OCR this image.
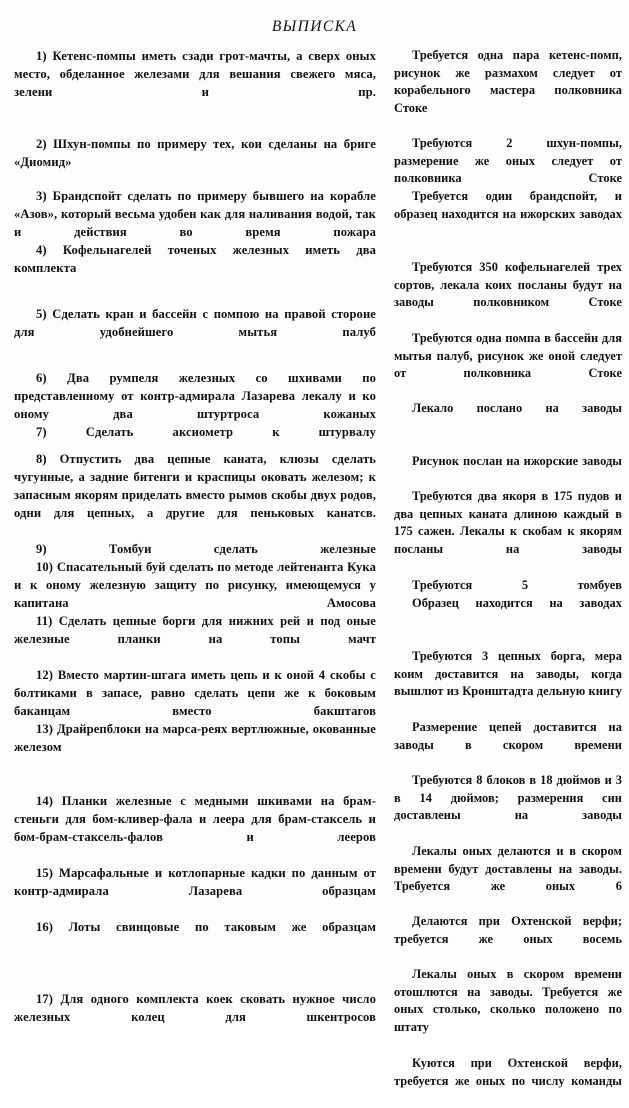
ВЫПИСКА

1) Кетенс-помпы иметь сзади грот-мачты, а сверх оных место, обделанное железами для вешания свежего мяса, зелени и пр.

2) Шхун-помпы по примеру тех, кои сделаны на бриге «Диомид»

3) Брандспойт сделать по примеру бывшего на корабле «Азов», который весьма удобен как для наливания водой, так и действия во время пожара

4) Кофельнагелей точеных железных иметь два комплекта

5) Сделать кран и бассейн с помпою на правой стороне для удобнейшего мытья палуб

6) Два румпеля железных со шхивами по представленному от контр-адмирала Лазарева лекалу и ко оному два штуртроса кожаных

7) Сделать аксиометр к штурвалу

8) Отпустить два цепные каната, клюзы сделать чугунные, а задние битенги и краспицы оковать железом; к запасным якорям приделать вместо рымов скобы двух родов, одни для цепных, а другие для пеньковых канатсв.

9) Томбуи сделать железные

10) Спасательный буй сделать по методе лейтенанта Кука и к оному железную защиту по рисунку, имеющемуся у капитана Амосова

11) Сделать цепные борги для нижних рей и под оные железные планки на топы мачт

12) Вместо мартин-шгага иметь цепь и к оной 4 скобы с болтиками в запасе, равно сделать цепи же к боковым баканцам вместо бакштагов

13) Драйрепблоки на марса-реях вертлюжные, окованные железом

14) Планки железные с медными шкивами на брам-стеньги для бом-кливер-фала и леера для брам-стаксель и бом-брам-стаксель-фалов и лееров

15) Марсафальные и котлопарные кадки по данным от контр-адмирала Лазарева образцам

16) Лоты свинцовые по таковым же образцам

17) Для одного комплекта коек сковать нужное число железных колец для шкентросов

Требуется одна пара кетенс-помп, рисунок же размахом следует от корабельного мастера полковника Стоке

Требуются 2 шхун-помпы, размерение же оных следует от полковника Стоке

Требуется один брандспойт, и образец находится на ижорских заводах

Требуются 350 кофельнагелей трех сортов, лекала коих посланы будут на заводы полковником Стоке

Требуются одна помпа в бассейн для мытья палуб, рисунок же оной следует от полковника Стоке

Лекало посланo на заводы

Рисунок послан на ижорские заводы

Требуются два якоря в 175 пудов и два цепных каната длиною каждый в 175 сажен. Лекалы к скобам к якорям посланы на заводы

Требуются 5 томбуев

Образец находится на заводах

Требуются 3 цепных борга, мера коим доставится на заводы, когда вышлют из Кронштадта дельную книгу

Размерение цепей доставится на заводы в скором времени

Требуются 8 блоков в 18 дюймов и 3 в 14 дюймов; размерения син доставлены на заводы

Лекалы оных делаются и в скором времени будут доставлены на заводы. Требуется же оных 6

Делаются при Охтенской верфи; требуется же оных восемь

Лекалы оных в скором времени отошлются на заводы. Требуется же оных столько, сколько положено по штату

Куются при Охтенской верфи, требуется же оных по числу команды
